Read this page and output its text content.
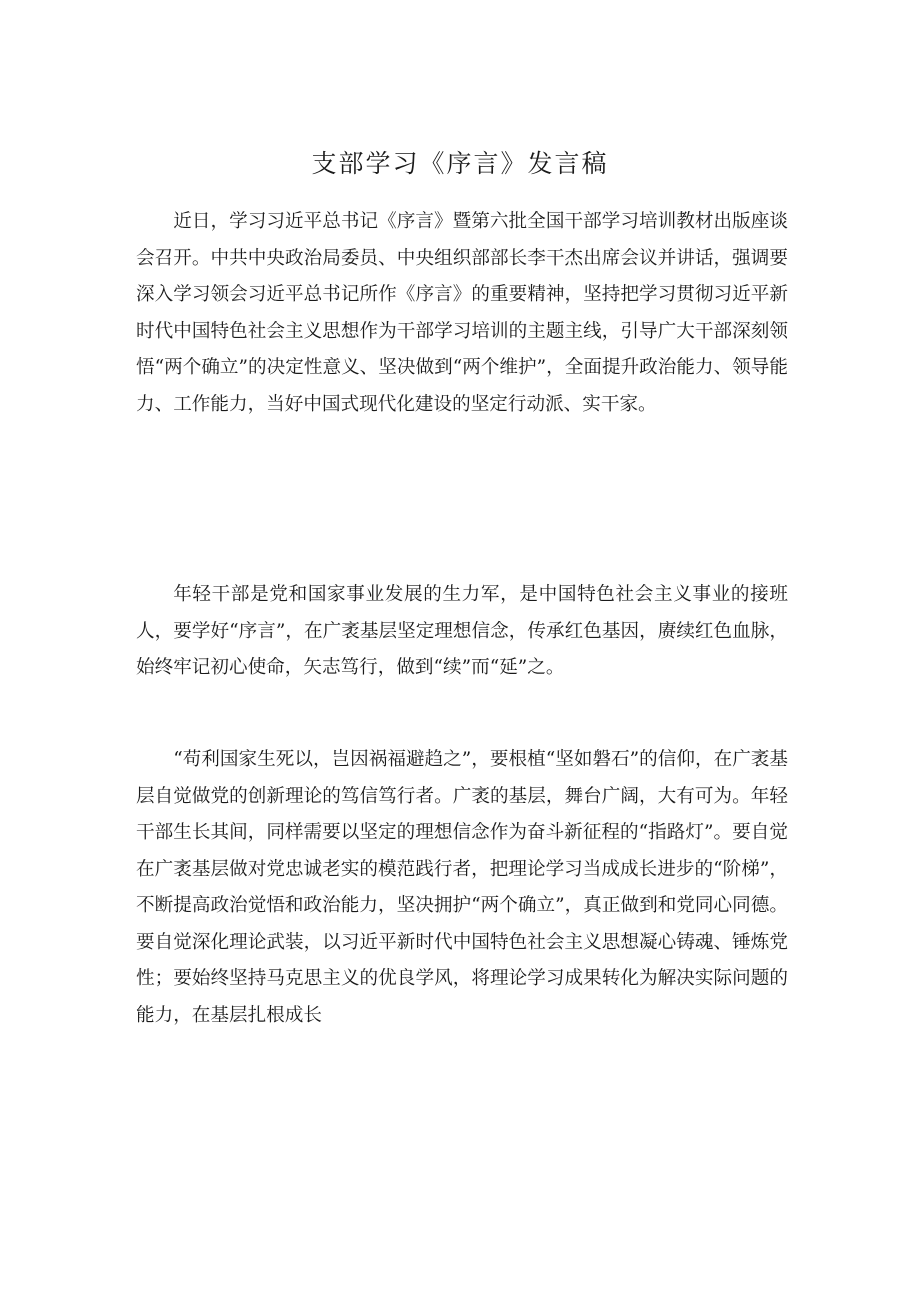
支部学习《序言》发言稿

近日，学习习近平总书记《序言》暨第六批全国干部学习培训教材出版座谈会召开。中共中央政治局委员、中央组织部部长李干杰出席会议并讲话，强调要深入学习领会习近平总书记所作《序言》的重要精神，坚持把学习贯彻习近平新时代中国特色社会主义思想作为干部学习培训的主题主线，引导广大干部深刻领悟“两个确立”的决定性意义、坚决做到“两个维护”，全面提升政治能力、领导能力、工作能力，当好中国式现代化建设的坚定行动派、实干家。

年轻干部是党和国家事业发展的生力军，是中国特色社会主义事业的接班人，要学好“序言”，在广袤基层坚定理想信念，传承红色基因，赓续红色血脉，始终牢记初心使命，矢志笃行，做到“续”而“延”之。

“苟利国家生死以，岂因祸福避趋之”，要根植“坚如磐石”的信仰，在广袤基层自觉做党的创新理论的笃信笃行者。广袤的基层，舞台广阔，大有可为。年轻干部生长其间，同样需要以坚定的理想信念作为奋斗新征程的“指路灯”。要自觉在广袤基层做对党忠诚老实的模范践行者，把理论学习当成成长进步的“阶梯”，不断提高政治觉悟和政治能力，坚决拥护“两个确立”，真正做到和党同心同德。要自觉深化理论武装，以习近平新时代中国特色社会主义思想凝心铸魂、锤炼党性；要始终坚持马克思主义的优良学风，将理论学习成果转化为解决实际问题的能力，在基层扎根成长
